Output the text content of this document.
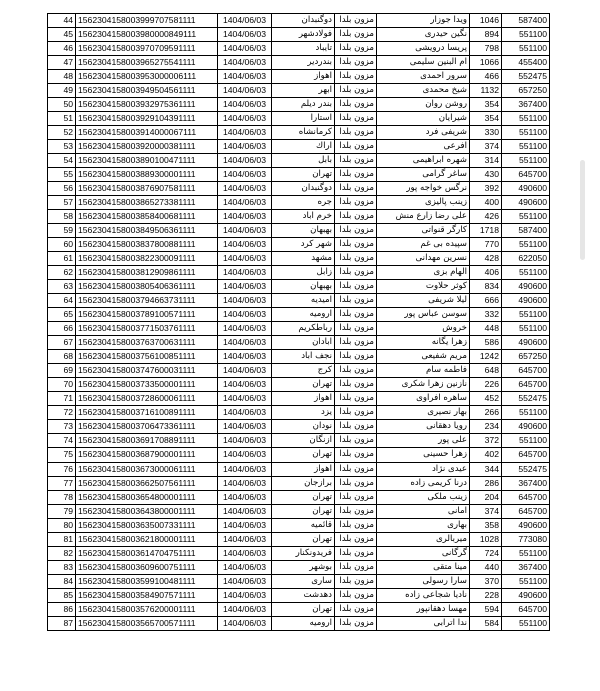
44	1562304158003999707581111	1404/06/03	دوگنبدان	مزون بلدا	ويدا جوزار	1046	587400
45	1562304158003980000849111	1404/06/03	فولادشهر	مزون بلدا	نگين حيدرى	894	551100
46	1562304158003970709591111	1404/06/03	تايباد	مزون بلدا	پريسا درويشى	798	551100
47	1562304158003965275541111	1404/06/03	بندردير	مزون بلدا	ام البنين سليمى	1066	455400
48	1562304158003953000006111	1404/06/03	اهواز	مزون بلدا	سرور احمدى	466	552475
49	1562304158003949504561111	1404/06/03	ابهر	مزون بلدا	شيخ محمدى	1132	657250
50	1562304158003932975361111	1404/06/03	بندر ديلم	مزون بلدا	روشن روان	354	367400
51	1562304158003929104391111	1404/06/03	استارا	مزون بلدا	شيرايان	354	551100
52	1562304158003914000067111	1404/06/03	كرمانشاه	مزون بلدا	شريفى فرد	330	551100
53	1562304158003920000381111	1404/06/03	اراك	مزون بلدا	افرعى	374	551100
54	1562304158003890100471111	1404/06/03	بابل	مزون بلدا	شهره ابراهيمى	314	551100
55	1562304158003889300001111	1404/06/03	تهران	مزون بلدا	ساغر گرامى	430	645700
56	1562304158003876907581111	1404/06/03	دوگنبدان	مزون بلدا	نرگس خواجه پور	392	490600
57	1562304158003865273381111	1404/06/03	جره	مزون بلدا	زينب پاليزى	400	490600
58	1562304158003858400681111	1404/06/03	خرم اباد	مزون بلدا	على رضا زارع منش	426	551100
59	1562304158003849506361111	1404/06/03	بهبهان	مزون بلدا	كارگر قنواتى	1718	587400
60	1562304158003837800881111	1404/06/03	شهر كرد	مزون بلدا	سپيده بى غم	770	551100
61	1562304158003822300091111	1404/06/03	مشهد	مزون بلدا	نسرين مهدانى	428	622050
62	1562304158003812909861111	1404/06/03	زابل	مزون بلدا	الهام بزى	406	551100
63	1562304158003805406361111	1404/06/03	بهبهان	مزون بلدا	كوثر حلاوت	834	490600
64	1562304158003794663731111	1404/06/03	اميديه	مزون بلدا	ليلا شريفى	666	490600
65	1562304158003789100571111	1404/06/03	اروميه	مزون بلدا	سوسن عباس پور	332	551100
66	1562304158003771503761111	1404/06/03	رباطكريم	مزون بلدا	خروش	448	551100
67	1562304158003763700631111	1404/06/03	ابادان	مزون بلدا	زهرا يگانه	586	490600
68	1562304158003756100851111	1404/06/03	نجف اباد	مزون بلدا	مريم شفيعى	1242	657250
69	1562304158003747600031111	1404/06/03	كرج	مزون بلدا	فاطمه سام	648	645700
70	1562304158003733500001111	1404/06/03	تهران	مزون بلدا	نازنين زهرا شكرى	226	645700
71	1562304158003728600061111	1404/06/03	اهواز	مزون بلدا	ساهره افراوى	452	552475
72	1562304158003716100891111	1404/06/03	يزد	مزون بلدا	بهار نصيرى	266	551100
73	1562304158003706473361111	1404/06/03	نودان	مزون بلدا	رويا دهقانى	234	490600
74	1562304158003691708891111	1404/06/03	ازنگان	مزون بلدا	على پور	372	551100
75	1562304158003687900001111	1404/06/03	تهران	مزون بلدا	زهرا حسينى	402	645700
76	1562304158003673000061111	1404/06/03	اهواز	مزون بلدا	عيدى نژاد	344	552475
77	1562304158003662507561111	1404/06/03	برازجان	مزون بلدا	درنا كريمى زاده	286	367400
78	1562304158003654800001111	1404/06/03	تهران	مزون بلدا	زينب ملكى	204	645700
79	1562304158003643800001111	1404/06/03	تهران	مزون بلدا	امانى	374	645700
80	1562304158003635007331111	1404/06/03	قائميه	مزون بلدا	بهارى	358	490600
81	1562304158003621800001111	1404/06/03	تهران	مزون بلدا	ميربالرى	1028	773080
82	1562304158003614704751111	1404/06/03	فريدونكنار	مزون بلدا	گرگانى	724	551100
83	1562304158003609600751111	1404/06/03	بوشهر	مزون بلدا	مينا متقى	440	367400
84	1562304158003599100481111	1404/06/03	سارى	مزون بلدا	سارا رسولى	370	551100
85	1562304158003584907571111	1404/06/03	دهدشت	مزون بلدا	ناديا شجاعى زاده	228	490600
86	1562304158003576200001111	1404/06/03	تهران	مزون بلدا	مهسا دهقانپور	594	645700
87	1562304158003565700571111	1404/06/03	اروميه	مزون بلدا	ندا اترابى	584	551100
